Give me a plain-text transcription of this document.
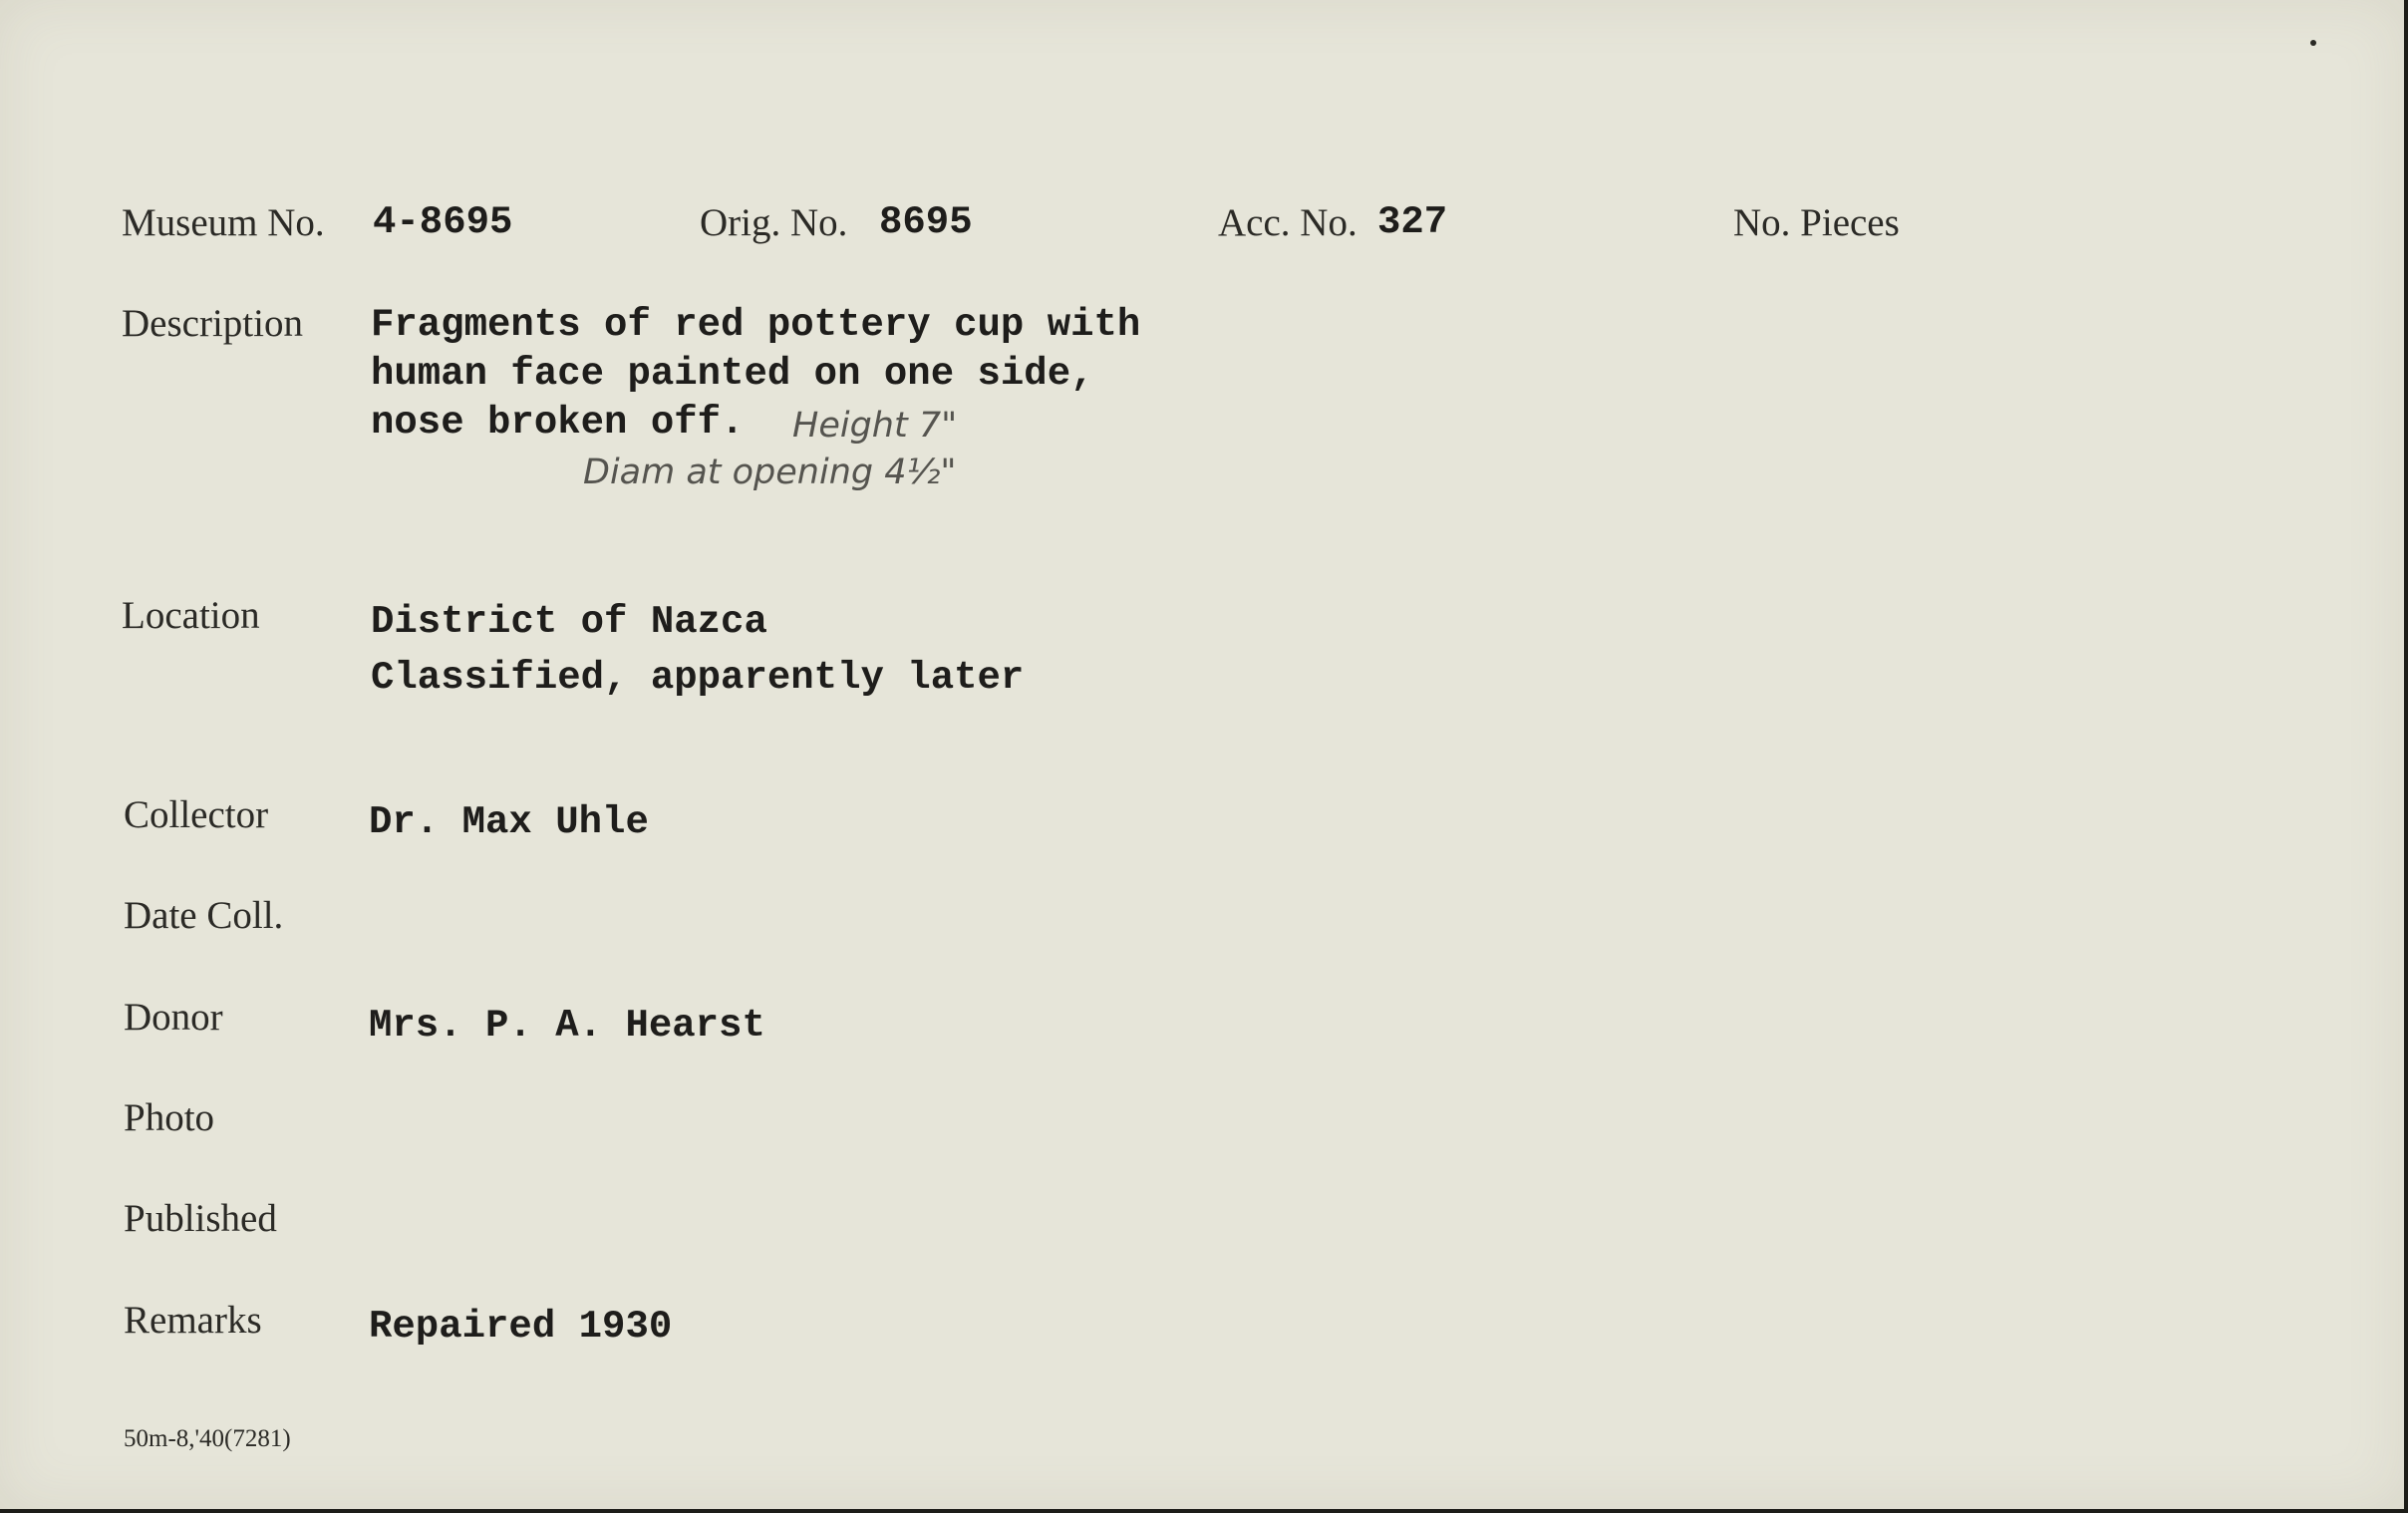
Museum No. 4-8695	Orig. No. 8695	Acc. No. 327	No. Pieces
Description Fragments of red pottery cup with
human face painted on one side,
nose broken off.	Height 7"
Diam at opening 4½"
Location	District of Nazca
Classified, apparently later
Collector	Dr. Max Uhle
Date Coll.
Donor	Mrs. P. A. Hearst
Photo
Published
Remarks	Repaired 1930
50m-8,'40(7281)
